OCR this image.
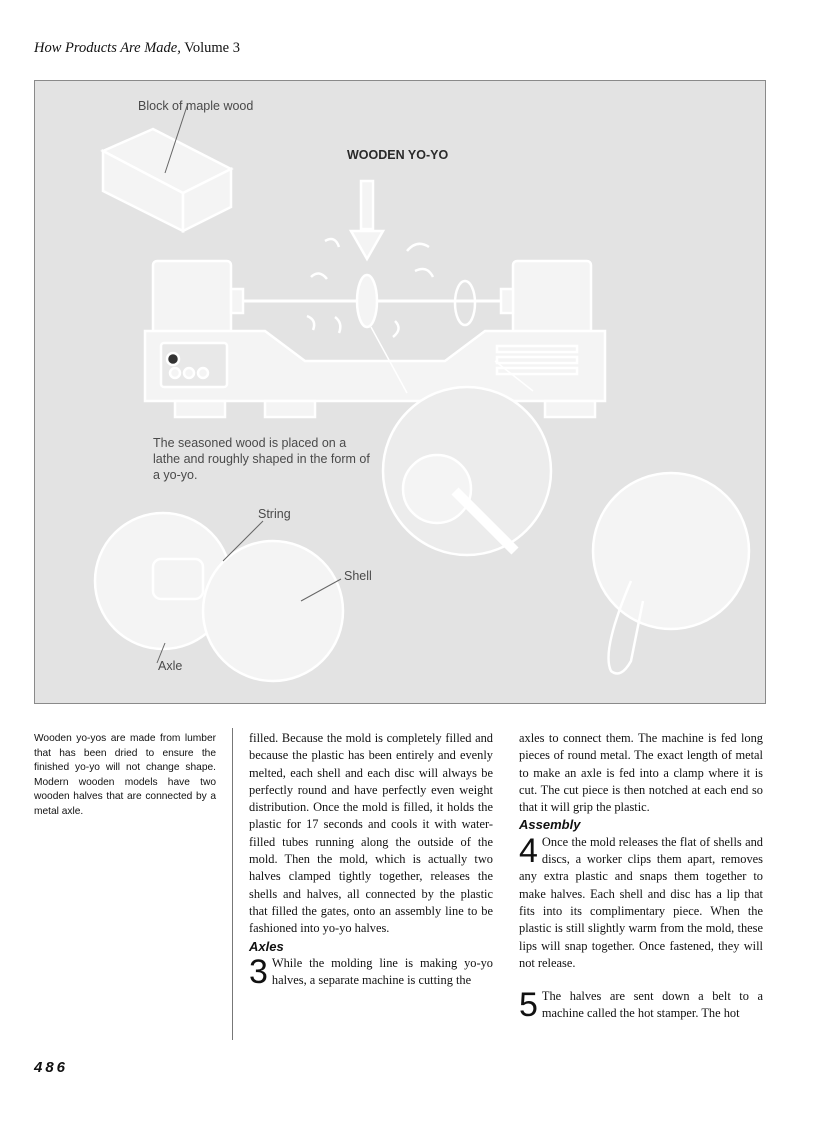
How Products Are Made, Volume 3
WOODEN YO-YO
Block of maple wood
The seasoned wood is placed on a lathe and roughly shaped in the form of a yo-yo.
String
Shell
Axle
Wooden yo-yos are made from lumber that has been dried to ensure the finished yo-yo will not change shape. Modern wooden models have two wooden halves that are connected by a metal axle.

filled. Because the mold is completely filled and because the plastic has been entirely and evenly melted, each shell and each disc will always be perfectly round and have perfectly even weight distribution. Once the mold is filled, it holds the plastic for 17 seconds and cools it with water-filled tubes running along the outside of the mold. Then the mold, which is actually two halves clamped tightly together, releases the shells and halves, all connected by the plastic that filled the gates, onto an assembly line to be fashioned into yo-yo halves.

Axles

3 While the molding line is making yo-yo halves, a separate machine is cutting the

axles to connect them. The machine is fed long pieces of round metal. The exact length of metal to make an axle is fed into a clamp where it is cut. The cut piece is then notched at each end so that it will grip the plastic.

Assembly

4 Once the mold releases the flat of shells and discs, a worker clips them apart, removes any extra plastic and snaps them together to make halves. Each shell and disc has a lip that fits into its complimentary piece. When the plastic is still slightly warm from the mold, these lips will snap together. Once fastened, they will not release.

5 The halves are sent down a belt to a machine called the hot stamper. The hot

486
